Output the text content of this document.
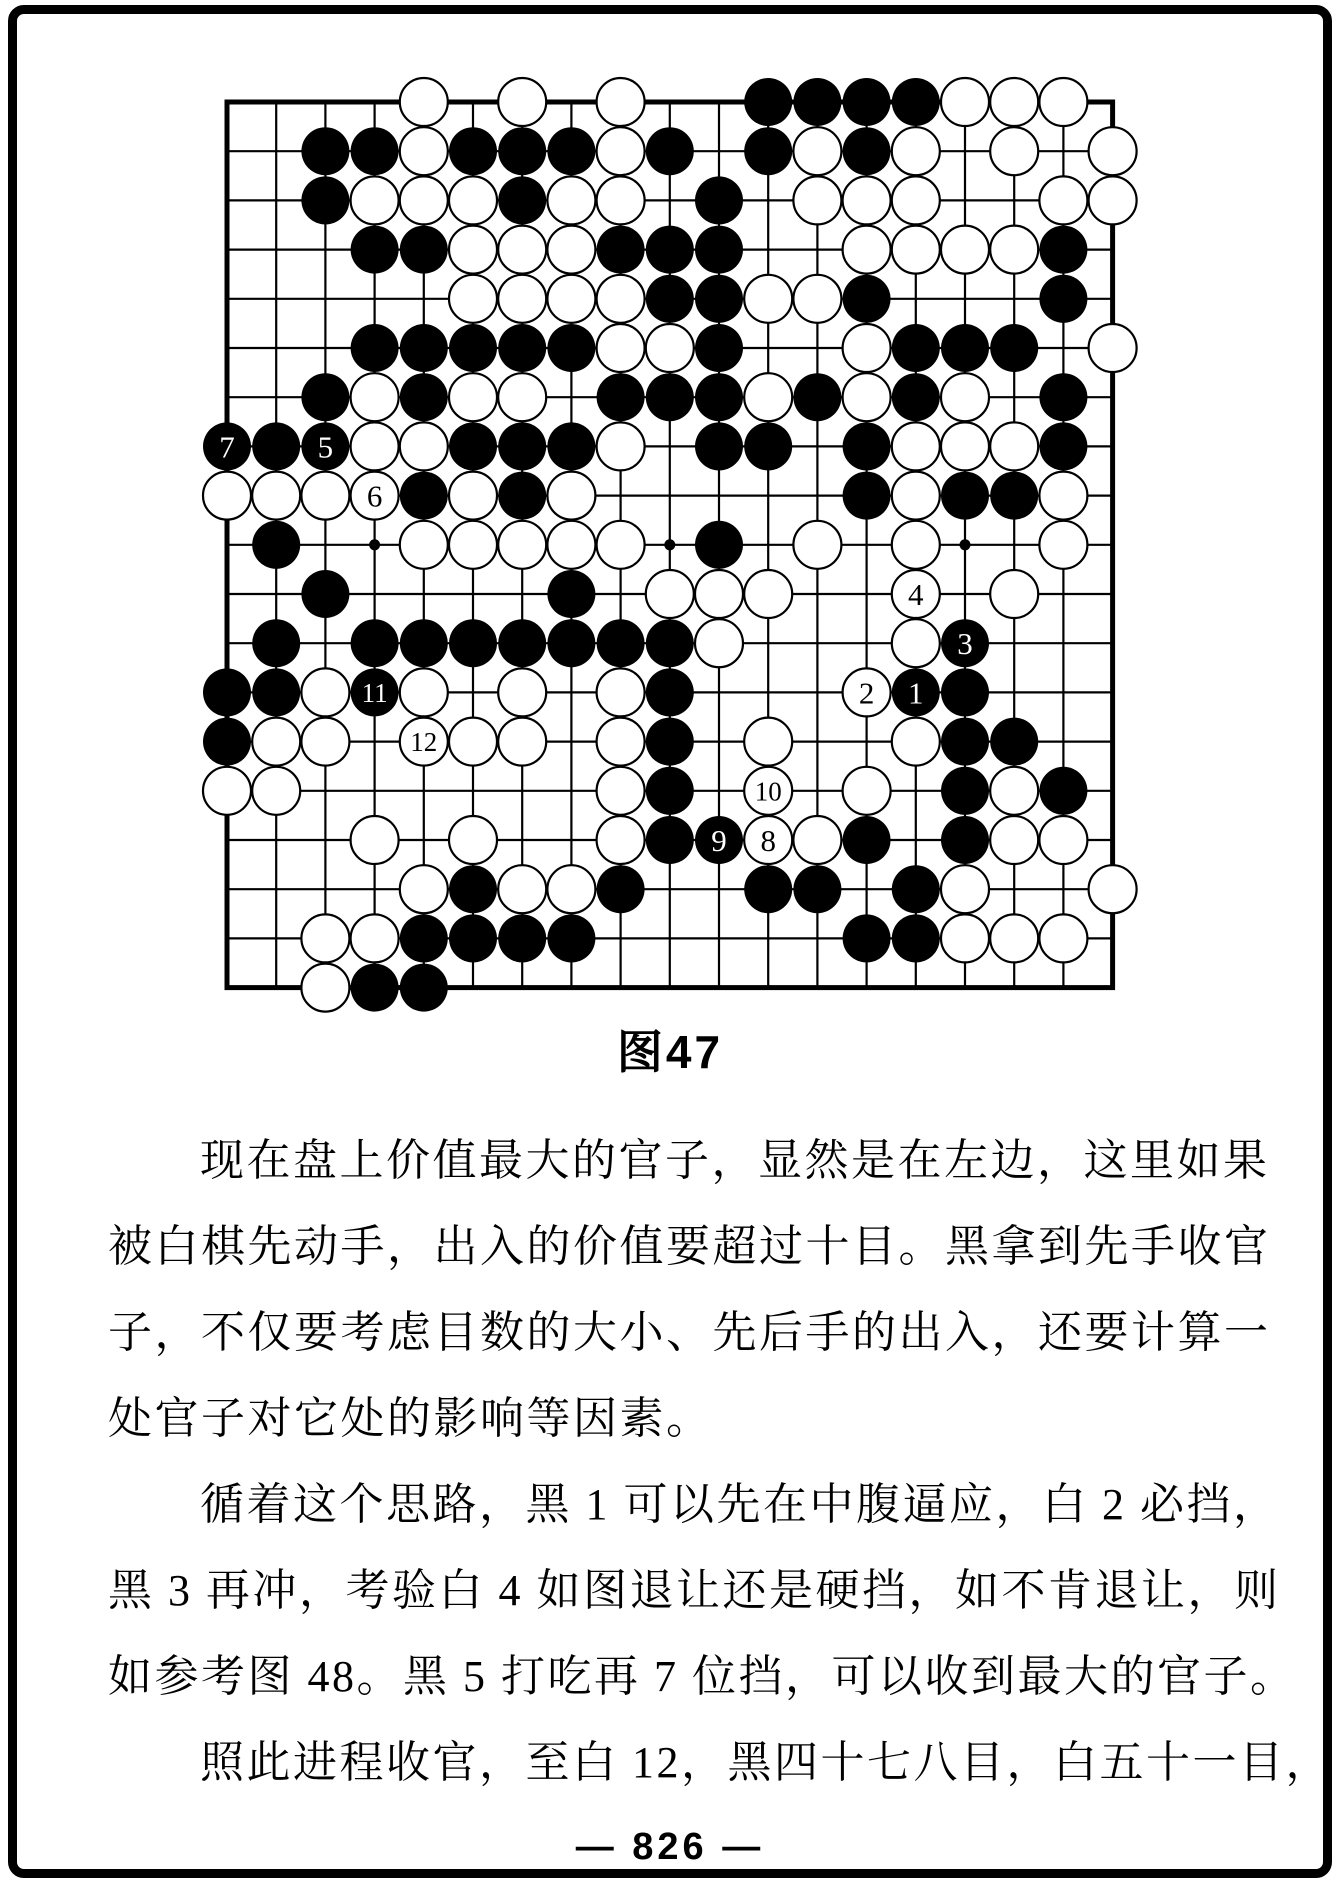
7	5
6
4
3
11	2 1
12
10
9 8
图47
现在盘上价值最大的官子，显然是在左边，这里如果
被白棋先动手，出入的价值要超过十目。黑拿到先手收官
子，不仅要考虑目数的大小、先后手的出入，还要计算一
处官子对它处的影响等因素。
循着这个思路，黑 1 可以先在中腹逼应，白 2 必挡，
黑 3 再冲，考验白 4 如图退让还是硬挡，如不肯退让，则
如参考图 48。黑 5 打吃再 7 位挡，可以收到最大的官子。
照此进程收官，至白 12，黑四十七八目，白五十一目，
— 826 —
